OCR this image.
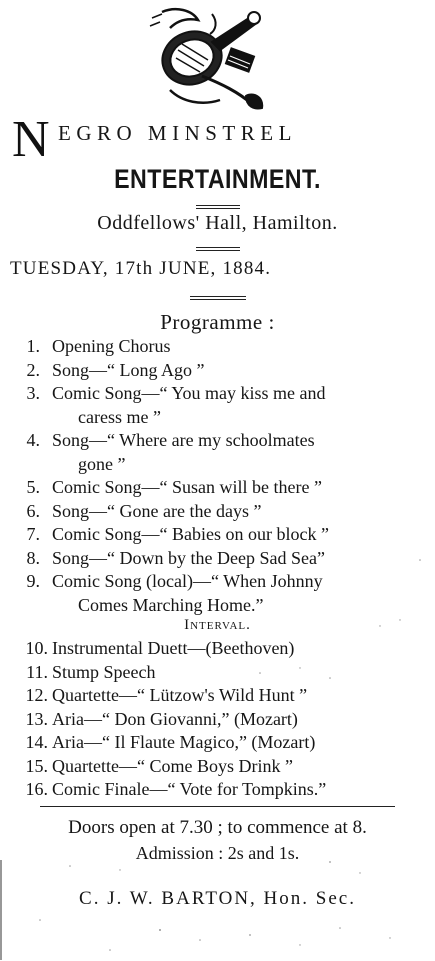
N EGRO MINSTREL
ENTERTAINMENT.
Oddfellows' Hall, Hamilton.
TUESDAY, 17th JUNE, 1884.
Programme :
1. Opening Chorus
2. Song—“ Long Ago ”
3. Comic Song—“ You may kiss me and
caress me ”
4. Song—“ Where are my schoolmates
gone ”
5. Comic Song—“ Susan will be there ”
6. Song—“ Gone are the days ”
7. Comic Song—“ Babies on our block ”
8. Song—“ Down by the Deep Sad Sea”
9. Comic Song (local)—“ When Johnny
Comes Marching Home.”
Interval.
10. Instrumental Duett—(Beethoven)
11. Stump Speech
12. Quartette—“ Lützow's Wild Hunt ”
13. Aria—“ Don Giovanni,” (Mozart)
14. Aria—“ Il Flaute Magico,” (Mozart)
15. Quartette—“ Come Boys Drink ”
16. Comic Finale—“ Vote for Tompkins.”
Doors open at 7.30 ; to commence at 8.
Admission : 2s and 1s.
C. J. W. BARTON, Hon. Sec.
